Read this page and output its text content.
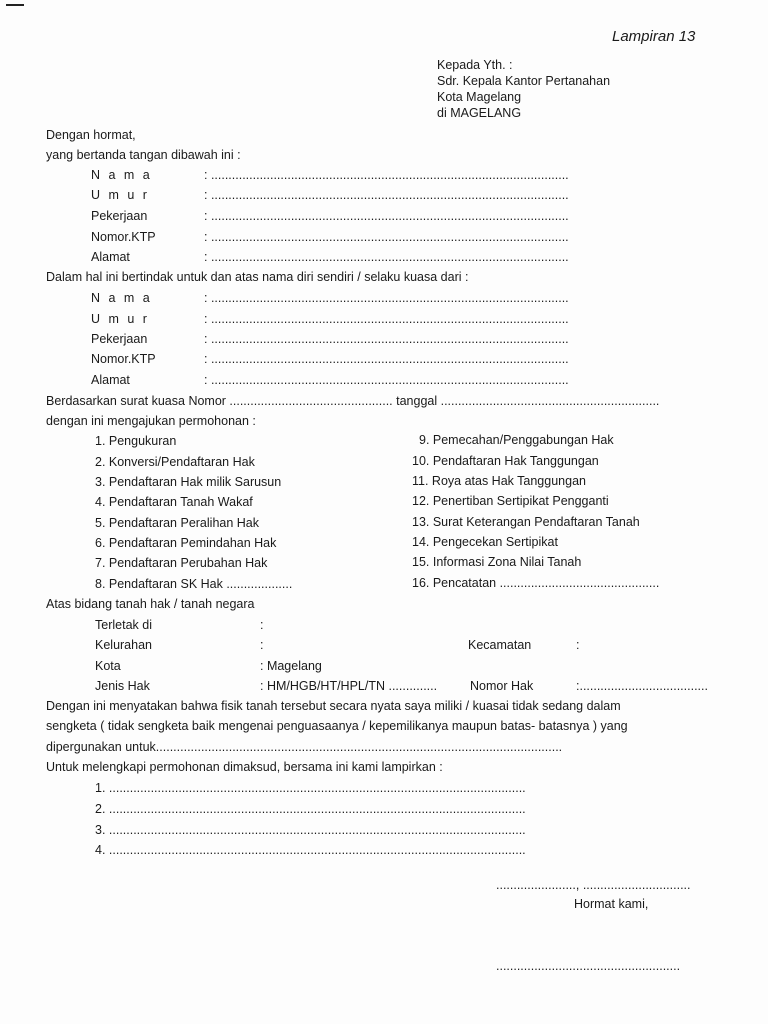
Lampiran 13
Kepada Yth. :
Sdr. Kepala Kantor Pertanahan
Kota Magelang
di MAGELANG
Dengan hormat,
yang bertanda tangan dibawah ini :
N a m a	: .......................................................................................................
U m u r	: .......................................................................................................
Pekerjaan	: .......................................................................................................
Nomor.KTP	: .......................................................................................................
Alamat	: .......................................................................................................
Dalam hal ini bertindak untuk dan atas nama diri sendiri / selaku kuasa dari :
N a m a	: .......................................................................................................
U m u r	: .......................................................................................................
Pekerjaan	: .......................................................................................................
Nomor.KTP	: .......................................................................................................
Alamat	: .......................................................................................................
Berdasarkan surat kuasa Nomor ............................................... tanggal ...............................................................
dengan ini mengajukan permohonan :
1. Pengukuran
2. Konversi/Pendaftaran Hak
3. Pendaftaran Hak milik Sarusun
4. Pendaftaran Tanah Wakaf
5. Pendaftaran Peralihan Hak
6. Pendaftaran Pemindahan Hak
7. Pendaftaran Perubahan Hak
8. Pendaftaran SK Hak ...................
9. Pemecahan/Penggabungan Hak
10. Pendaftaran Hak Tanggungan
11. Roya atas Hak Tanggungan
12. Penertiban Sertipikat Pengganti
13. Surat Keterangan Pendaftaran Tanah
14. Pengecekan Sertipikat
15. Informasi Zona Nilai Tanah
16. Pencatatan ..............................................
Atas bidang tanah hak / tanah negara
Terletak di	:
Kelurahan	:	Kecamatan	:
Kota	: Magelang
Jenis Hak	: HM/HGB/HT/HPL/TN ..............	Nomor Hak	:.....................................
Dengan ini menyatakan bahwa fisik tanah tersebut secara nyata saya miliki / kuasai tidak sedang dalam
sengketa ( tidak sengketa baik mengenai penguasaanya / kepemilikanya maupun batas- batasnya ) yang
dipergunakan untuk.....................................................................................................................
Untuk melengkapi permohonan dimaksud, bersama ini kami lampirkan :
1. ........................................................................................................................
2. ........................................................................................................................
3. ........................................................................................................................
4. ........................................................................................................................
......................., ...............................
Hormat kami,
.....................................................
